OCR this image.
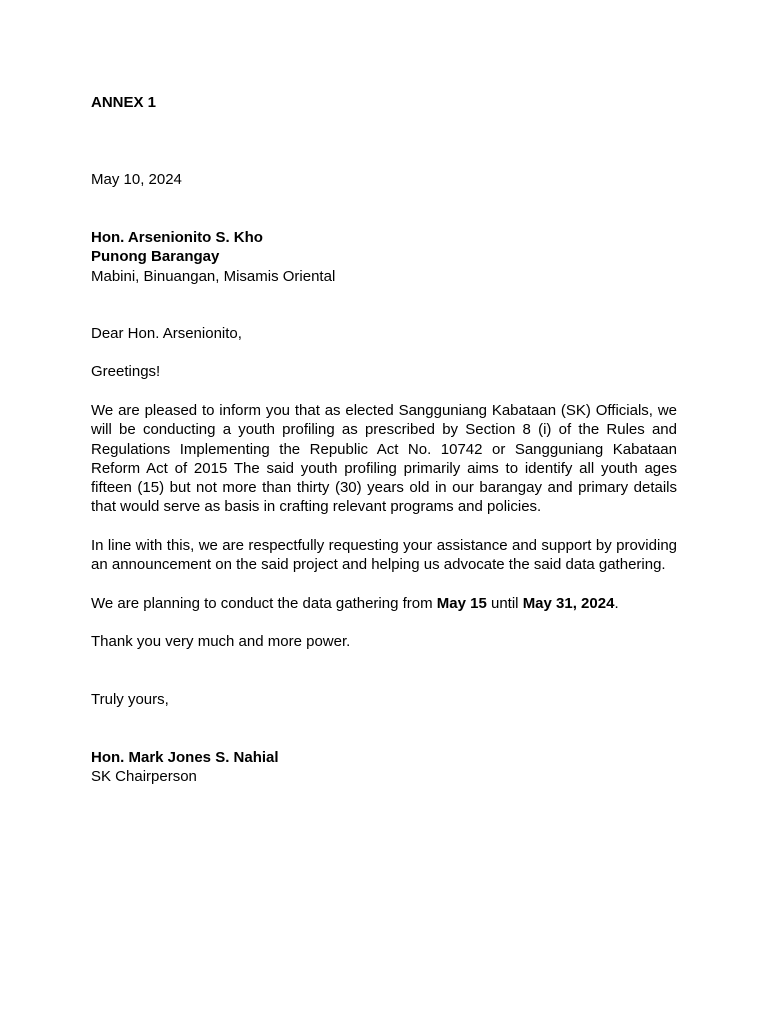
ANNEX 1
May 10, 2024
Hon. Arsenionito S. Kho
Punong Barangay
Mabini, Binuangan, Misamis Oriental
Dear Hon. Arsenionito,
Greetings!

We are pleased to inform you that as elected Sangguniang Kabataan (SK) Officials, we will be conducting a youth profiling as prescribed by Section 8 (i) of the Rules and Regulations Implementing the Republic Act No. 10742 or Sangguniang Kabataan Reform Act of 2015 The said youth profiling primarily aims to identify all youth ages fifteen (15) but not more than thirty (30) years old in our barangay and primary details that would serve as basis in crafting relevant programs and policies.

In line with this, we are respectfully requesting your assistance and support by providing an announcement on the said project and helping us advocate the said data gathering.

We are planning to conduct the data gathering from May 15 until May 31, 2024.

Thank you very much and more power.
Truly yours,
Hon. Mark Jones S. Nahial
SK Chairperson
